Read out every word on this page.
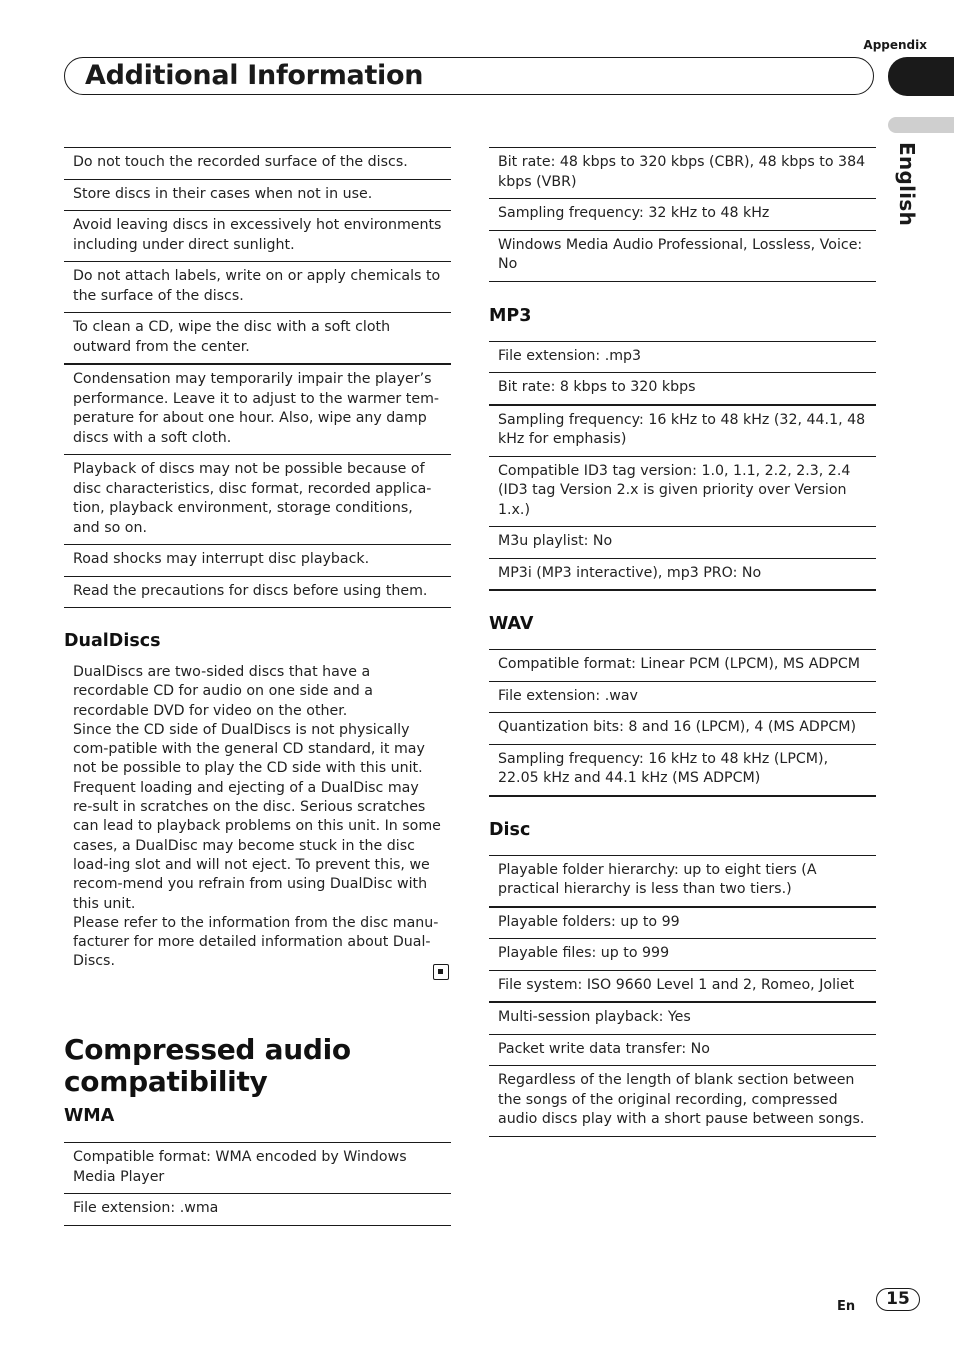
Appendix
Additional Information
English
Do not touch the recorded surface of the discs.
Store discs in their cases when not in use.
Avoid leaving discs in excessively hot environments including under direct sunlight.
Do not attach labels, write on or apply chemicals to the surface of the discs.
To clean a CD, wipe the disc with a soft cloth outward from the center.
Condensation may temporarily impair the player’s performance. Leave it to adjust to the warmer tem-perature for about one hour. Also, wipe any damp discs with a soft cloth.
Playback of discs may not be possible because of disc characteristics, disc format, recorded applica-tion, playback environment, storage conditions, and so on.
Road shocks may interrupt disc playback.
Read the precautions for discs before using them.
DualDiscs
DualDiscs are two-sided discs that have a recordable CD for audio on one side and a recordable DVD for video on the other.
Since the CD side of DualDiscs is not physically com-patible with the general CD standard, it may not be possible to play the CD side with this unit.
Frequent loading and ejecting of a DualDisc may re-sult in scratches on the disc. Serious scratches can lead to playback problems on this unit. In some cases, a DualDisc may become stuck in the disc load-ing slot and will not eject. To prevent this, we recom-mend you refrain from using DualDisc with this unit.
Please refer to the information from the disc manu-facturer for more detailed information about Dual-Discs.
Compressed audio
compatibility
WMA
Compatible format: WMA encoded by Windows Media Player
File extension: .wma
Bit rate: 48 kbps to 320 kbps (CBR), 48 kbps to 384 kbps (VBR)
Sampling frequency: 32 kHz to 48 kHz
Windows Media Audio Professional, Lossless, Voice: No
MP3
File extension: .mp3
Bit rate: 8 kbps to 320 kbps
Sampling frequency: 16 kHz to 48 kHz (32, 44.1, 48 kHz for emphasis)
Compatible ID3 tag version: 1.0, 1.1, 2.2, 2.3, 2.4 (ID3 tag Version 2.x is given priority over Version 1.x.)
M3u playlist: No
MP3i (MP3 interactive), mp3 PRO: No
WAV
Compatible format: Linear PCM (LPCM), MS ADPCM
File extension: .wav
Quantization bits: 8 and 16 (LPCM), 4 (MS ADPCM)
Sampling frequency: 16 kHz to 48 kHz (LPCM), 22.05 kHz and 44.1 kHz (MS ADPCM)
Disc
Playable folder hierarchy: up to eight tiers (A practical hierarchy is less than two tiers.)
Playable folders: up to 99
Playable files: up to 999
File system: ISO 9660 Level 1 and 2, Romeo, Joliet
Multi-session playback: Yes
Packet write data transfer: No
Regardless of the length of blank section between the songs of the original recording, compressed audio discs play with a short pause between songs.
En	15
